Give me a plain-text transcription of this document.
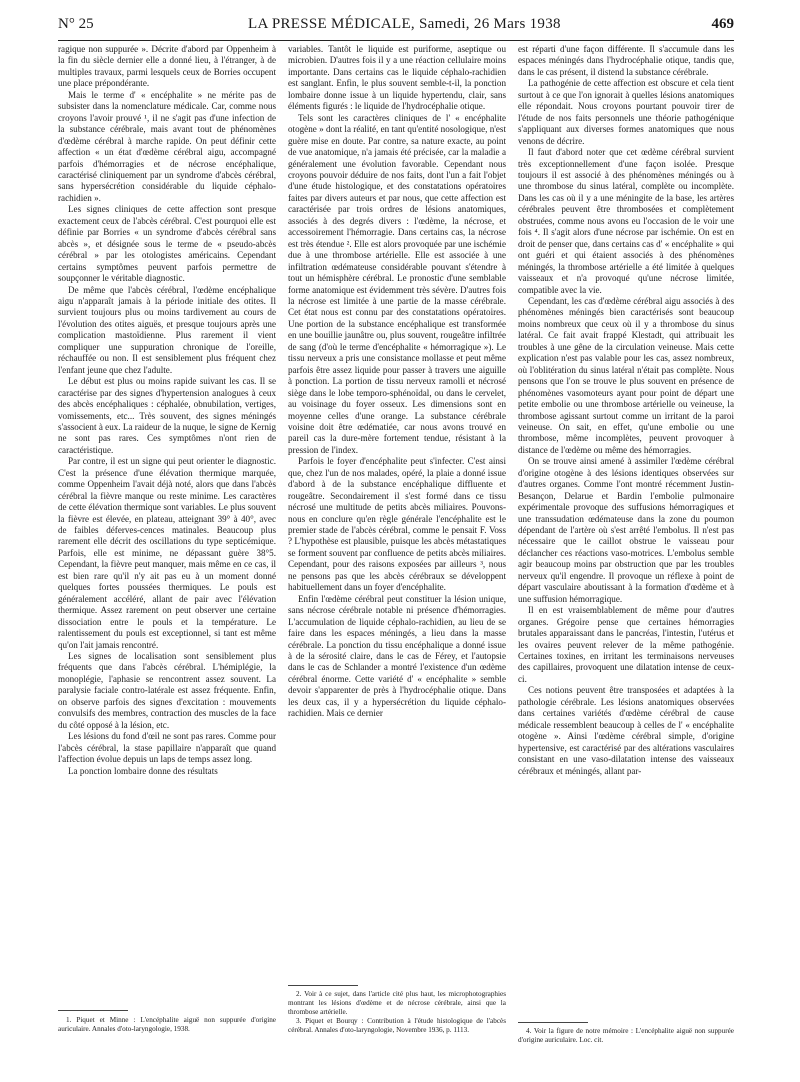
N° 25	LA PRESSE MÉDICALE, Samedi, 26 Mars 1938	469

ragique non suppurée ». Décrite d'abord par Oppenheim à la fin du siècle dernier elle a donné lieu, à l'étranger, à de multiples travaux, parmi lesquels ceux de Borries occupent une place prépondérante.

Mais le terme d' « encéphalite » ne mérite pas de subsister dans la nomenclature médicale. Car, comme nous croyons l'avoir prouvé ¹, il ne s'agit pas d'une infection de la substance cérébrale, mais avant tout de phénomènes d'œdème cérébral à marche rapide. On peut définir cette affection « un état d'œdème cérébral aigu, accompagné parfois d'hémorragies et de nécrose encéphalique, caractérisé cliniquement par un syndrome d'abcès cérébral, sans hypersécrétion considérable du liquide céphalo-rachidien ».

Les signes cliniques de cette affection sont presque exactement ceux de l'abcès cérébral. C'est pourquoi elle est définie par Borries « un syndrome d'abcès cérébral sans abcès », et désignée sous le terme de « pseudo-abcès cérébral » par les otologistes américains. Cependant certains symptômes peuvent parfois permettre de soupçonner le véritable diagnostic.

De même que l'abcès cérébral, l'œdème encéphalique aigu n'apparaît jamais à la période initiale des otites. Il survient toujours plus ou moins tardivement au cours de l'évolution des otites aiguës, et presque toujours après une complication mastoïdienne. Plus rarement il vient compliquer une suppuration chronique de l'oreille, réchauffée ou non. Il est sensiblement plus fréquent chez l'enfant jeune que chez l'adulte.

Le début est plus ou moins rapide suivant les cas. Il se caractérise par des signes d'hypertension analogues à ceux des abcès encéphaliques : céphalée, obnubilation, vertiges, vomissements, etc... Très souvent, des signes méningés s'associent à eux. La raideur de la nuque, le signe de Kernig ne sont pas rares. Ces symptômes n'ont rien de caractéristique.

Par contre, il est un signe qui peut orienter le diagnostic. C'est la présence d'une élévation thermique marquée, comme Oppenheim l'avait déjà noté, alors que dans l'abcès cérébral la fièvre manque ou reste minime. Les caractères de cette élévation thermique sont variables. Le plus souvent la fièvre est élevée, en plateau, atteignant 39° à 40°, avec de faibles déferves-cences matinales. Beaucoup plus rarement elle décrit des oscillations du type septicémique. Parfois, elle est minime, ne dépassant guère 38°5. Cependant, la fièvre peut manquer, mais même en ce cas, il est bien rare qu'il n'y ait pas eu à un moment donné quelques fortes poussées thermiques. Le pouls est généralement accéléré, allant de pair avec l'élévation thermique. Assez rarement on peut observer une certaine dissociation entre le pouls et la température. Le ralentissement du pouls est exceptionnel, si tant est même qu'on l'ait jamais rencontré.

Les signes de localisation sont sensiblement plus fréquents que dans l'abcès cérébral. L'hémiplégie, la monoplégie, l'aphasie se rencontrent assez souvent. La paralysie faciale contro-latérale est assez fréquente. Enfin, on observe parfois des signes d'excitation : mouvements convulsifs des membres, contraction des muscles de la face du côté opposé à la lésion, etc.

Les lésions du fond d'œil ne sont pas rares. Comme pour l'abcès cérébral, la stase papillaire n'apparaît que quand l'affection évolue depuis un laps de temps assez long.

La ponction lombaire donne des résultats

1. Piquet et Minne : L'encéphalite aiguë non suppurée d'origine auriculaire. Annales d'oto-laryngologie, 1938.

variables. Tantôt le liquide est puriforme, aseptique ou microbien. D'autres fois il y a une réaction cellulaire moins importante. Dans certains cas le liquide céphalo-rachidien est sanglant. Enfin, le plus souvent semble-t-il, la ponction lombaire donne issue à un liquide hypertendu, clair, sans éléments figurés : le liquide de l'hydrocéphalie otique.

Tels sont les caractères cliniques de l' « encéphalite otogène » dont la réalité, en tant qu'entité nosologique, n'est guère mise en doute. Par contre, sa nature exacte, au point de vue anatomique, n'a jamais été précisée, car la maladie a généralement une évolution favorable. Cependant nous croyons pouvoir déduire de nos faits, dont l'un a fait l'objet d'une étude histologique, et des constatations opératoires faites par divers auteurs et par nous, que cette affection est caractérisée par trois ordres de lésions anatomiques, associés à des degrés divers : l'œdème, la nécrose, et accessoirement l'hémorragie. Dans certains cas, la nécrose est très étendue ². Elle est alors provoquée par une ischémie due à une thrombose artérielle. Elle est associée à une infiltration œdémateuse considérable pouvant s'étendre à tout un hémisphère cérébral. Le pronostic d'une semblable forme anatomique est évidemment très sévère. D'autres fois la nécrose est limitée à une partie de la masse cérébrale. Cet état nous est connu par des constatations opératoires. Une portion de la substance encéphalique est transformée en une bouillie jaunâtre ou, plus souvent, rougeâtre infiltrée de sang (d'où le terme d'encéphalite « hémorragique »). Le tissu nerveux a pris une consistance mollasse et peut même parfois être assez liquide pour passer à travers une aiguille à ponction. La portion de tissu nerveux ramolli et nécrosé siège dans le lobe temporo-sphénoïdal, ou dans le cervelet, au voisinage du foyer osseux. Les dimensions sont en moyenne celles d'une orange. La substance cérébrale voisine doit être œdématiée, car nous avons trouvé en pareil cas la dure-mère fortement tendue, résistant à la pression de l'index.

Parfois le foyer d'encéphalite peut s'infecter. C'est ainsi que, chez l'un de nos malades, opéré, la plaie a donné issue d'abord à de la substance encéphalique diffluente et rougeâtre. Secondairement il s'est formé dans ce tissu nécrosé une multitude de petits abcès miliaires. Pouvons-nous en conclure qu'en règle générale l'encéphalite est le premier stade de l'abcès cérébral, comme le pensait F. Voss ? L'hypothèse est plausible, puisque les abcès métastatiques se forment souvent par confluence de petits abcès miliaires. Cependant, pour des raisons exposées par ailleurs ³, nous ne pensons pas que les abcès cérébraux se développent habituellement dans un foyer d'encéphalite.

Enfin l'œdème cérébral peut constituer la lésion unique, sans nécrose cérébrale notable ni présence d'hémorragies. L'accumulation de liquide céphalo-rachidien, au lieu de se faire dans les espaces méningés, a lieu dans la masse cérébrale. La ponction du tissu encéphalique a donné issue à de la sérosité claire, dans le cas de Férey, et l'autopsie dans le cas de Schlander a montré l'existence d'un œdème cérébral énorme. Cette variété d' « encéphalite » semble devoir s'apparenter de près à l'hydrocéphalie otique. Dans les deux cas, il y a hypersécrétion du liquide céphalo-rachidien. Mais ce dernier

2. Voir à ce sujet, dans l'article cité plus haut, les microphotographies montrant les lésions d'œdème et de nécrose cérébrale, ainsi que la thrombose artérielle.

3. Piquet et Bourqy : Contribution à l'étude histologique de l'abcès cérébral. Annales d'oto-laryngologie, Novembre 1936, p. 1113.

est réparti d'une façon différente. Il s'accumule dans les espaces méningés dans l'hydrocéphalie otique, tandis que, dans le cas présent, il distend la substance cérébrale.

La pathogénie de cette affection est obscure et cela tient surtout à ce que l'on ignorait à quelles lésions anatomiques elle répondait. Nous croyons pourtant pouvoir tirer de l'étude de nos faits personnels une théorie pathogénique s'appliquant aux diverses formes anatomiques que nous venons de décrire.

Il faut d'abord noter que cet œdème cérébral survient très exceptionnellement d'une façon isolée. Presque toujours il est associé à des phénomènes méningés ou à une thrombose du sinus latéral, complète ou incomplète. Dans les cas où il y a une méningite de la base, les artères cérébrales peuvent être thrombosées et complètement obstruées, comme nous avons eu l'occasion de le voir une fois ⁴. Il s'agit alors d'une nécrose par ischémie. On est en droit de penser que, dans certains cas d' « encéphalite » qui ont guéri et qui étaient associés à des phénomènes méningés, la thrombose artérielle a été limitée à quelques vaisseaux et n'a provoqué qu'une nécrose limitée, compatible avec la vie.

Cependant, les cas d'œdème cérébral aigu associés à des phénomènes méningés bien caractérisés sont beaucoup moins nombreux que ceux où il y a thrombose du sinus latéral. Ce fait avait frappé Klestadt, qui attribuait les troubles à une gêne de la circulation veineuse. Mais cette explication n'est pas valable pour les cas, assez nombreux, où l'oblitération du sinus latéral n'était pas complète. Nous pensons que l'on se trouve le plus souvent en présence de phénomènes vasomoteurs ayant pour point de départ une petite embolie ou une thrombose artérielle ou veineuse, la thrombose agissant surtout comme un irritant de la paroi veineuse. On sait, en effet, qu'une embolie ou une thrombose, même incomplètes, peuvent provoquer à distance de l'œdème ou même des hémorragies.

On se trouve ainsi amené à assimiler l'œdème cérébral d'origine otogène à des lésions identiques observées sur d'autres organes. Comme l'ont montré récemment Justin-Besançon, Delarue et Bardin l'embolie pulmonaire expérimentale provoque des suffusions hémorragiques et une transsudation œdémateuse dans la zone du poumon dépendant de l'artère où s'est arrêté l'embolus. Il n'est pas nécessaire que le caillot obstrue le vaisseau pour déclancher ces réactions vaso-motrices. L'embolus semble agir beaucoup moins par obstruction que par les troubles nerveux qu'il engendre. Il provoque un réflexe à point de départ vasculaire aboutissant à la formation d'œdème et à une suffusion hémorragique.

Il en est vraisemblablement de même pour d'autres organes. Grégoire pense que certaines hémorragies brutales apparaissant dans le pancréas, l'intestin, l'utérus et les ovaires peuvent relever de la même pathogénie. Certaines toxines, en irritant les terminaisons nerveuses des capillaires, provoquent une dilatation intense de ceux-ci.

Ces notions peuvent être transposées et adaptées à la pathologie cérébrale. Les lésions anatomiques observées dans certaines variétés d'œdème cérébral de cause médicale ressemblent beaucoup à celles de l' « encéphalite otogène ». Ainsi l'œdème cérébral simple, d'origine hypertensive, est caractérisé par des altérations vasculaires consistant en une vaso-dilatation intense des vaisseaux cérébraux et méningés, allant par-

4. Voir la figure de notre mémoire : L'encéphalite aiguë non suppurée d'origine auriculaire. Loc. cit.
